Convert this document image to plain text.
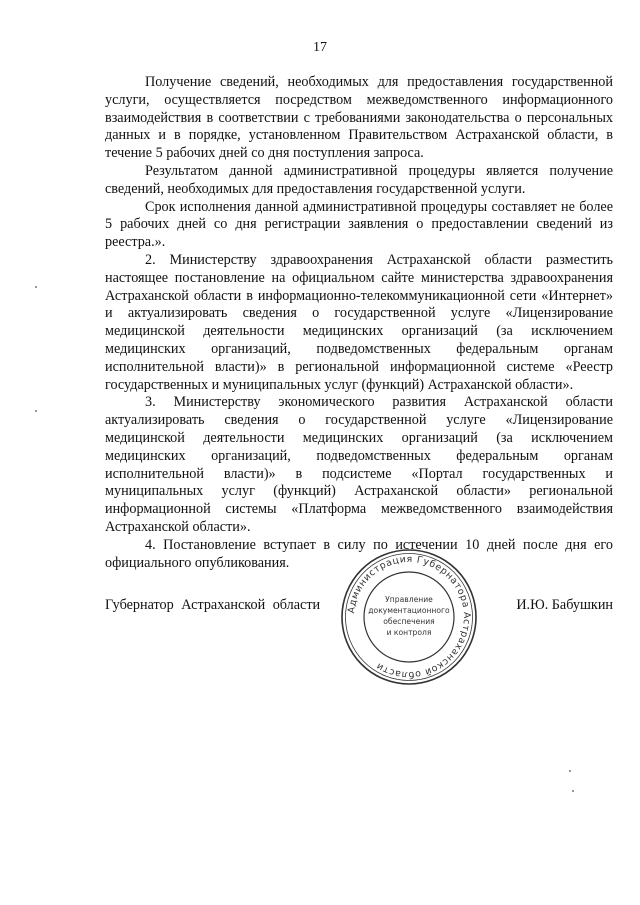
17

Получение сведений, необходимых для предоставления государственной услуги, осуществляется посредством межведомственного информационного взаимодействия в соответствии с требованиями законодательства о персональных данных и в порядке, установленном Правительством Астраханской области, в течение 5 рабочих дней со дня поступления запроса.

Результатом данной административной процедуры является получение сведений, необходимых для предоставления государственной услуги.

Срок исполнения данной административной процедуры составляет не более 5 рабочих дней со дня регистрации заявления о предоставлении сведений из реестра.».

2. Министерству здравоохранения Астраханской области разместить настоящее постановление на официальном сайте министерства здравоохранения Астраханской области в информационно-телекоммуникационной сети «Интернет» и актуализировать сведения о государственной услуге «Лицензирование медицинской деятельности медицинских организаций (за исключением медицинских организаций, подведомственных федеральным органам исполнительной власти)» в региональной информационной системе «Реестр государственных и муниципальных услуг (функций) Астраханской области».

3. Министерству экономического развития Астраханской области актуализировать сведения о государственной услуге «Лицензирование медицинской деятельности медицинских организаций (за исключением медицинских организаций, подведомственных федеральным органам исполнительной власти)» в подсистеме «Портал государственных и муниципальных услуг (функций) Астраханской области» региональной информационной системы «Платформа межведомственного взаимодействия Астраханской области».

4. Постановление вступает в силу по истечении 10 дней после дня его официального опубликования.

Губернатор Астраханской области	И.Ю. Бабушкин
Администрация Губернатора Астраханской области
Управление
документационного
обеспечения
и контроля
